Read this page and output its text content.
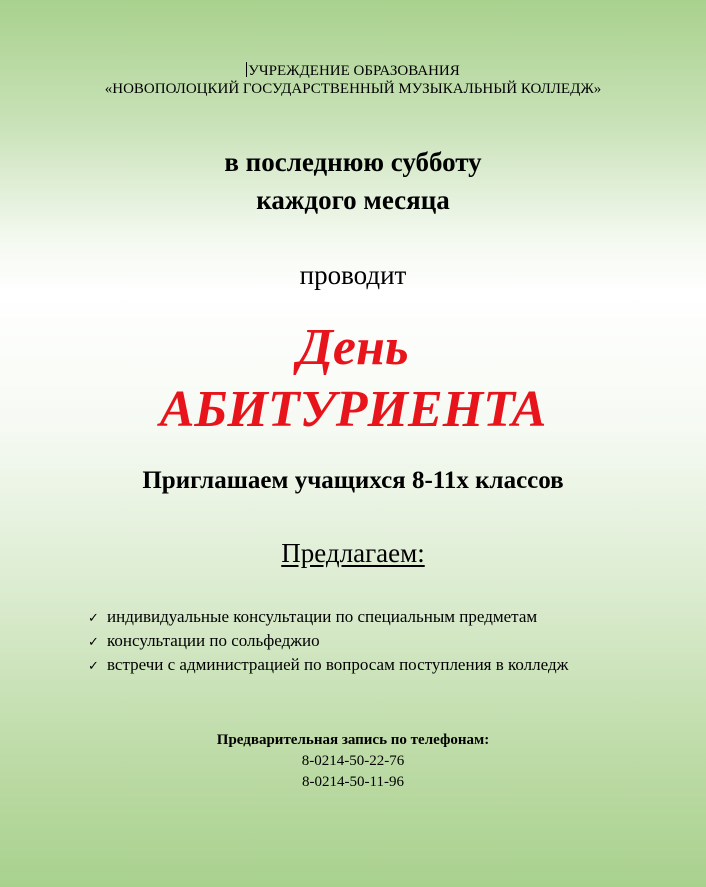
УЧРЕЖДЕНИЕ ОБРАЗОВАНИЯ
«НОВОПОЛОЦКИЙ ГОСУДАРСТВЕННЫЙ МУЗЫКАЛЬНЫЙ КОЛЛЕДЖ»
в последнюю субботу
каждого месяца
проводит
День
АБИТУРИЕНТА
Приглашаем учащихся 8-11х классов
Предлагаем:
✓ индивидуальные консультации по специальным предметам
✓ консультации по сольфеджио
✓ встречи с администрацией по вопросам поступления в колледж
Предварительная запись по телефонам:
8-0214-50-22-76
8-0214-50-11-96
